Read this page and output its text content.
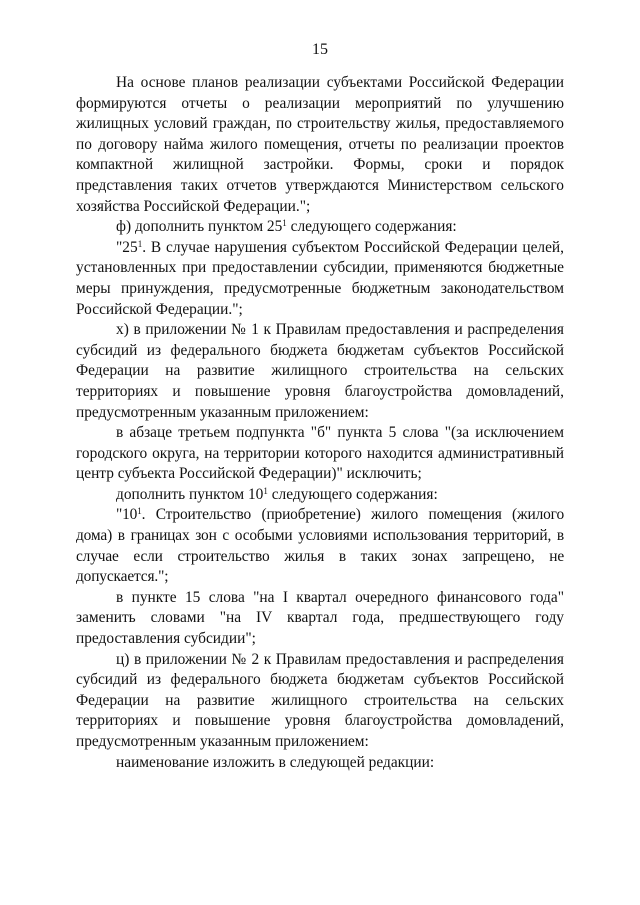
15

На основе планов реализации субъектами Российской Федерации формируются отчеты о реализации мероприятий по улучшению жилищных условий граждан, по строительству жилья, предоставляемого по договору найма жилого помещения, отчеты по реализации проектов компактной жилищной застройки. Формы, сроки и порядок представления таких отчетов утверждаются Министерством сельского хозяйства Российской Федерации.";

ф) дополнить пунктом $25^1$ следующего содержания:

"$25^1$. В случае нарушения субъектом Российской Федерации целей, установленных при предоставлении субсидии, применяются бюджетные меры принуждения, предусмотренные бюджетным законодательством Российской Федерации.";

х) в приложении № 1 к Правилам предоставления и распределения субсидий из федерального бюджета бюджетам субъектов Российской Федерации на развитие жилищного строительства на сельских территориях и повышение уровня благоустройства домовладений, предусмотренным указанным приложением:

в абзаце третьем подпункта "б" пункта 5 слова "(за исключением городского округа, на территории которого находится административный центр субъекта Российской Федерации)" исключить;

дополнить пунктом $10^1$ следующего содержания:

"$10^1$. Строительство (приобретение) жилого помещения (жилого дома) в границах зон с особыми условиями использования территорий, в случае если строительство жилья в таких зонах запрещено, не допускается.";

в пункте 15 слова "на I квартал очередного финансового года" заменить словами "на IV квартал года, предшествующего году предоставления субсидии";

ц) в приложении № 2 к Правилам предоставления и распределения субсидий из федерального бюджета бюджетам субъектов Российской Федерации на развитие жилищного строительства на сельских территориях и повышение уровня благоустройства домовладений, предусмотренным указанным приложением:

наименование изложить в следующей редакции:
